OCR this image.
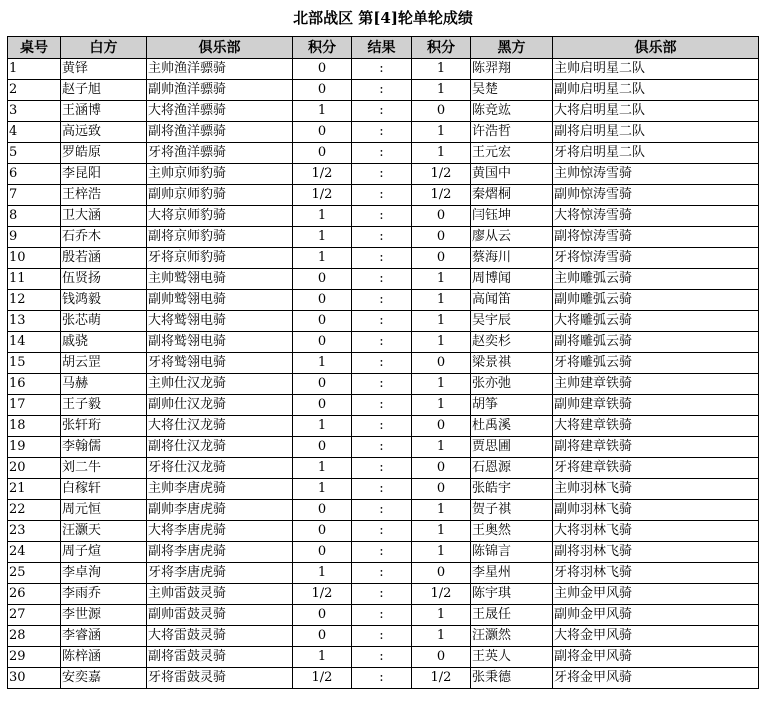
北部战区 第[4]轮单轮成绩
桌号	白方	俱乐部	积分	结果	积分	黑方	俱乐部
1	黄铎	主帅渔洋骠骑	0	:	1	陈羿翔	主帅启明星二队
2	赵子旭	副帅渔洋骠骑	0	:	1	吴楚	副帅启明星二队
3	王涵博	大将渔洋骠骑	1	:	0	陈竞竑	大将启明星二队
4	高远致	副将渔洋骠骑	0	:	1	许浩哲	副将启明星二队
5	罗皓原	牙将渔洋骠骑	0	:	1	王元宏	牙将启明星二队
6	李昆阳	主帅京师豹骑	1/2	:	1/2	黄国中	主帅惊涛雪骑
7	王梓浩	副帅京师豹骑	1/2	:	1/2	秦熠桐	副帅惊涛雪骑
8	卫大涵	大将京师豹骑	1	:	0	闫钰坤	大将惊涛雪骑
9	石乔木	副将京师豹骑	1	:	0	廖从云	副将惊涛雪骑
10	殷若涵	牙将京师豹骑	1	:	0	蔡海川	牙将惊涛雪骑
11	伍贤扬	主帅鹫翎电骑	0	:	1	周博闻	主帅雕弧云骑
12	钱鸿毅	副帅鹫翎电骑	0	:	1	高闻笛	副帅雕弧云骑
13	张芯萌	大将鹫翎电骑	0	:	1	吴宇辰	大将雕弧云骑
14	戚骁	副将鹫翎电骑	0	:	1	赵奕杉	副将雕弧云骑
15	胡云罡	牙将鹫翎电骑	1	:	0	梁景祺	牙将雕弧云骑
16	马赫	主帅仕汉龙骑	0	:	1	张亦弛	主帅建章铁骑
17	王子毅	副帅仕汉龙骑	0	:	1	胡筝	副帅建章铁骑
18	张轩珩	大将仕汉龙骑	1	:	0	杜禹溪	大将建章铁骑
19	李翰儒	副将仕汉龙骑	0	:	1	贾思圃	副将建章铁骑
20	刘二牛	牙将仕汉龙骑	1	:	0	石恩源	牙将建章铁骑
21	白稼轩	主帅李唐虎骑	1	:	0	张皓宇	主帅羽林飞骑
22	周元恒	副帅李唐虎骑	0	:	1	贺子祺	副帅羽林飞骑
23	汪灏天	大将李唐虎骑	0	:	1	王奥然	大将羽林飞骑
24	周子煊	副将李唐虎骑	0	:	1	陈锦言	副将羽林飞骑
25	李卓洵	牙将李唐虎骑	1	:	0	李星州	牙将羽林飞骑
26	李雨乔	主帅雷鼓灵骑	1/2	:	1/2	陈宇琪	主帅金甲风骑
27	李世源	副帅雷鼓灵骑	0	:	1	王晟任	副帅金甲风骑
28	李睿涵	大将雷鼓灵骑	0	:	1	汪灏然	大将金甲风骑
29	陈梓涵	副将雷鼓灵骑	1	:	0	王英人	副将金甲风骑
30	安奕嘉	牙将雷鼓灵骑	1/2	:	1/2	张秉德	牙将金甲风骑
